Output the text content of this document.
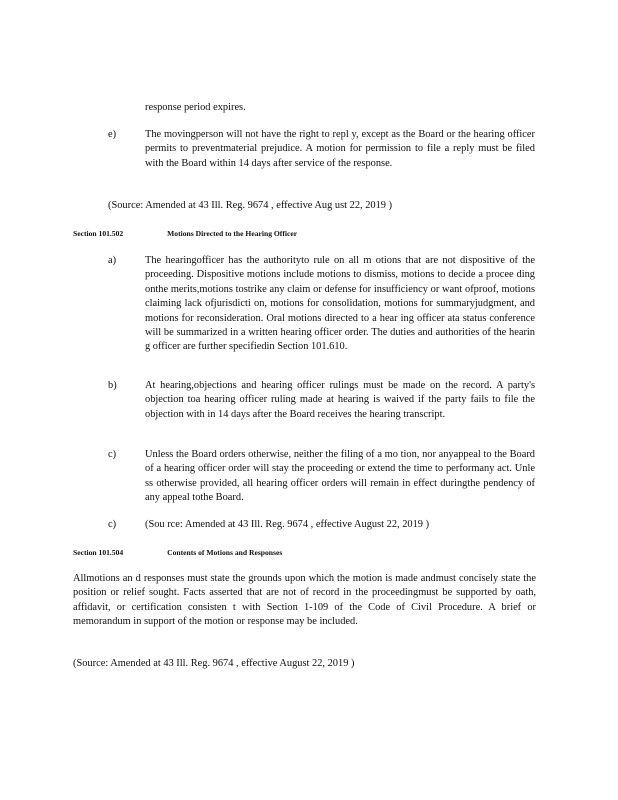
response period expires.
e)	The movingperson will not have the right to repl y, except as the Board or the hearing officer permits to preventmaterial prejudice. A motion for permission to file a reply must be filed with the Board within 14 days after service of the response.

(Source: Amended at 43 Ill. Reg. 9674 , effective Aug ust 22, 2019 )
Section 101.502	Motions Directed to the Hearing Officer
a)	The hearingofficer has the authorityto rule on all m otions that are not dispositive of the proceeding. Dispositive motions include motions to dismiss, motions to decide a procee ding onthe merits,motions tostrike any claim or defense for insufficiency or want ofproof, motions claiming lack ofjurisdicti on, motions for consolidation, motions for summaryjudgment, and motions for reconsideration. Oral motions directed to a hear ing officer ata status conference will be summarized in a written hearing officer order. The duties and authorities of the hearin g officer are further specifiedin Section 101.610.

b)	At hearing,objections and hearing officer rulings must be made on the record. A party's objection toa hearing officer ruling made at hearing is waived if the party fails to file the objection with in 14 days after the Board receives the hearing transcript.

c)	Unless the Board orders otherwise, neither the filing of a mo tion, nor anyappeal to the Board of a hearing officer order will stay the proceeding or extend the time to performany act. Unle ss otherwise provided, all hearing officer orders will remain in effect duringthe pendency of any appeal tothe Board.

c)	(Sou rce: Amended at 43 Ill. Reg. 9674 , effective August 22, 2019 )
Section 101.504	Contents of Motions and Responses

Allmotions an d responses must state the grounds upon which the motion is made andmust concisely state the position or relief sought. Facts asserted that are not of record in the proceedingmust be supported by oath, affidavit, or certification consisten t with Section 1-109 of the Code of Civil Procedure. A brief or memorandum in support of the motion or response may be included.

(Source: Amended at 43 Ill. Reg. 9674 , effective August 22, 2019 )
